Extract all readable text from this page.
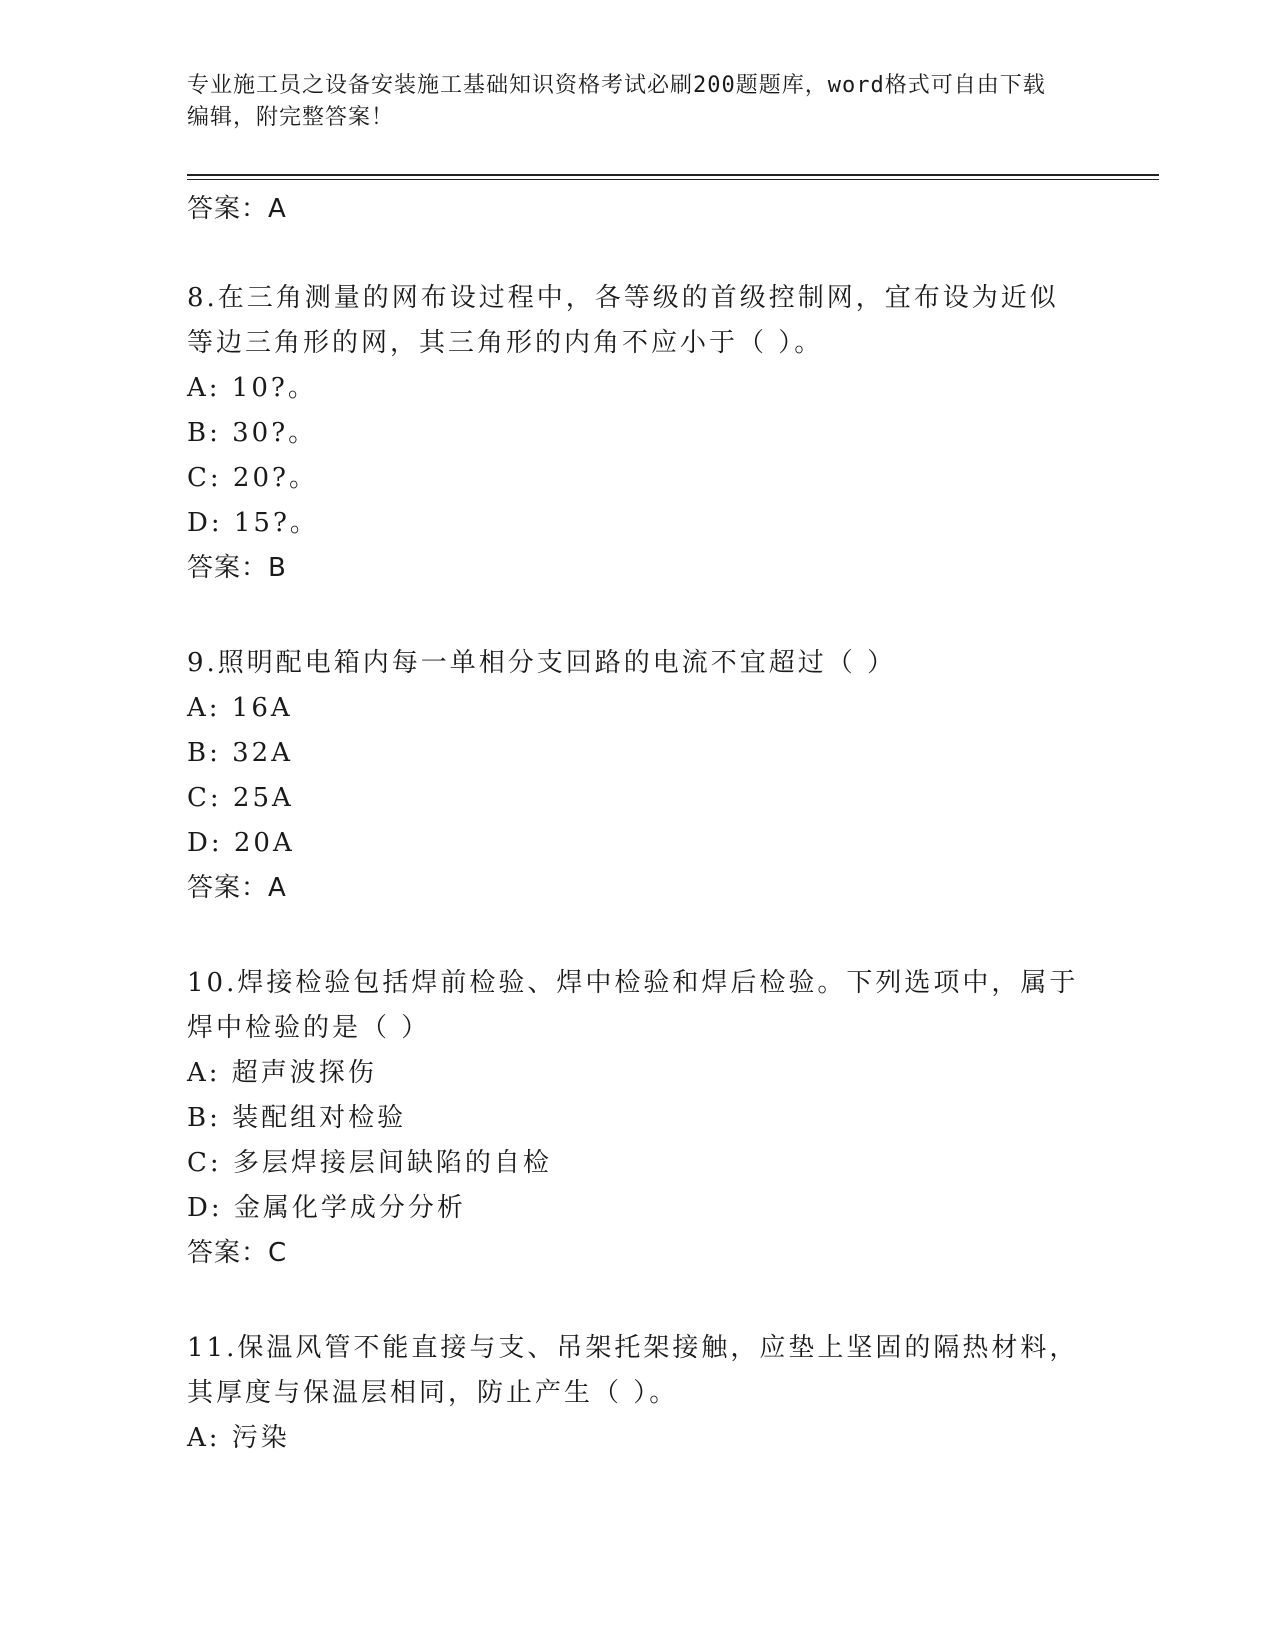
专业施工员之设备安装施工基础知识资格考试必刷200题题库，word格式可自由下载编辑，附完整答案！
答案：A
8.在三角测量的网布设过程中，各等级的首级控制网，宜布设为近似等边三角形的网，其三角形的内角不应小于（ ）。
A: 10?。
B: 30?。
C: 20?。
D: 15?。
答案：B
9.照明配电箱内每一单相分支回路的电流不宜超过（ ）
A: 16A
B: 32A
C: 25A
D: 20A
答案：A
10.焊接检验包括焊前检验、焊中检验和焊后检验。下列选项中，属于焊中检验的是（ ）
A: 超声波探伤
B: 装配组对检验
C: 多层焊接层间缺陷的自检
D: 金属化学成分分析
答案：C
11.保温风管不能直接与支、吊架托架接触，应垫上坚固的隔热材料，其厚度与保温层相同，防止产生（ ）。
A: 污染
